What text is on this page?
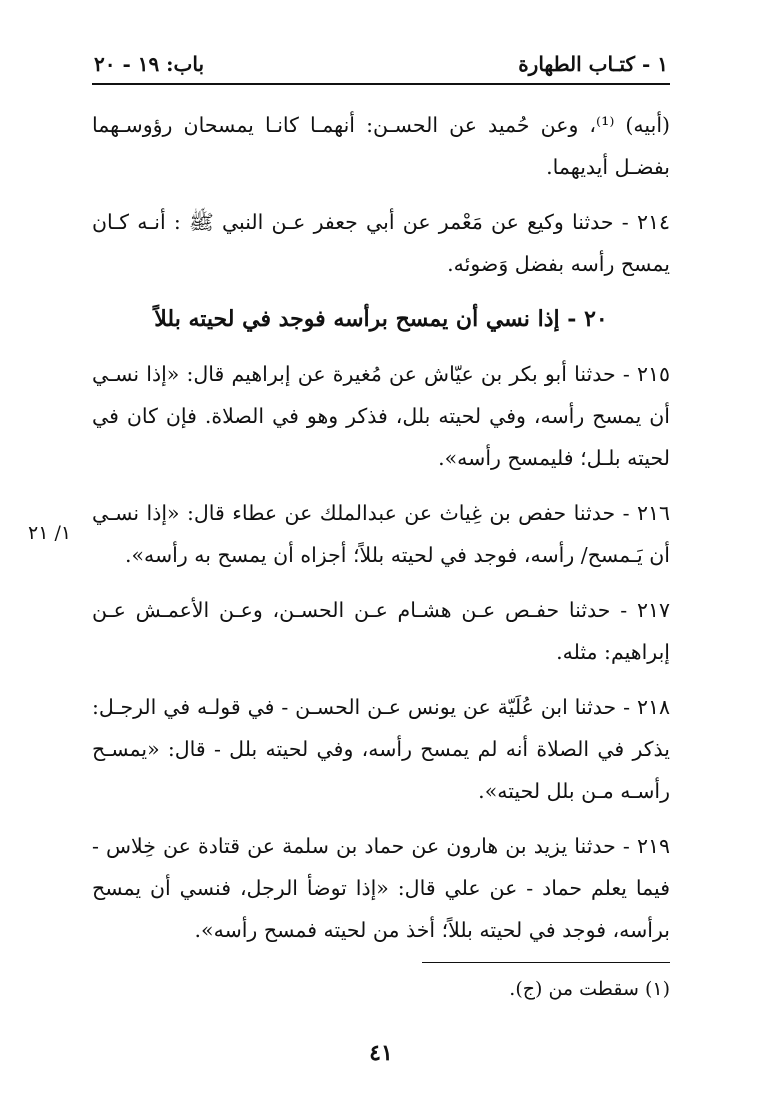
١ - كتـاب الطهارة
باب: ١٩ - ٢٠

(أبيه) ⁽¹⁾، وعن حُميد عن الحسـن: أنهمـا كانـا يمسحان رؤوسـهما بفضـل أيديهما.

٢١٤ - حدثنا وكيع عن مَعْمر عن أبي جعفر عـن النبي ﷺ : أنـه كـان يمسح رأسه بفضل وَضوئه.

٢٠ - إذا نسي أن يمسح برأسه فوجد في لحيته بللاً

٢١٥ - حدثنا أبو بكر بن عيّاش عن مُغيرة عن إبراهيم قال: «إذا نسـي أن يمسح رأسه، وفي لحيته بلل، فذكر وهو في الصلاة. فإن كان في لحيته بلـل؛ فليمسح رأسه».

٢١٦ - حدثنا حفص بن غِياث عن عبدالملك عن عطاء قال: «إذا نسـي أن يَـمسح/ رأسه، فوجد في لحيته بللاً؛ أجزاه أن يمسح به رأسه».

٢١٧ - حدثنا حفـص عـن هشـام عـن الحسـن، وعـن الأعمـش عـن إبراهيم: مثله.

٢١٨ - حدثنا ابن عُلَيّة عن يونس عـن الحسـن - في قولـه في الرجـل: يذكر في الصلاة أنه لم يمسح رأسه، وفي لحيته بلل - قال: «يمسـح رأسـه مـن بلل لحيته».

٢١٩ - حدثنا يزيد بن هارون عن حماد بن سلمة عن قتادة عن خِلاس - فيما يعلم حماد - عن علي قال: «إذا توضأ الرجل، فنسي أن يمسح برأسه، فوجد في لحيته بللاً؛ أخذ من لحيته فمسح رأسه».

١/ ٢١
(١) سقطت من (ج).
٤١
